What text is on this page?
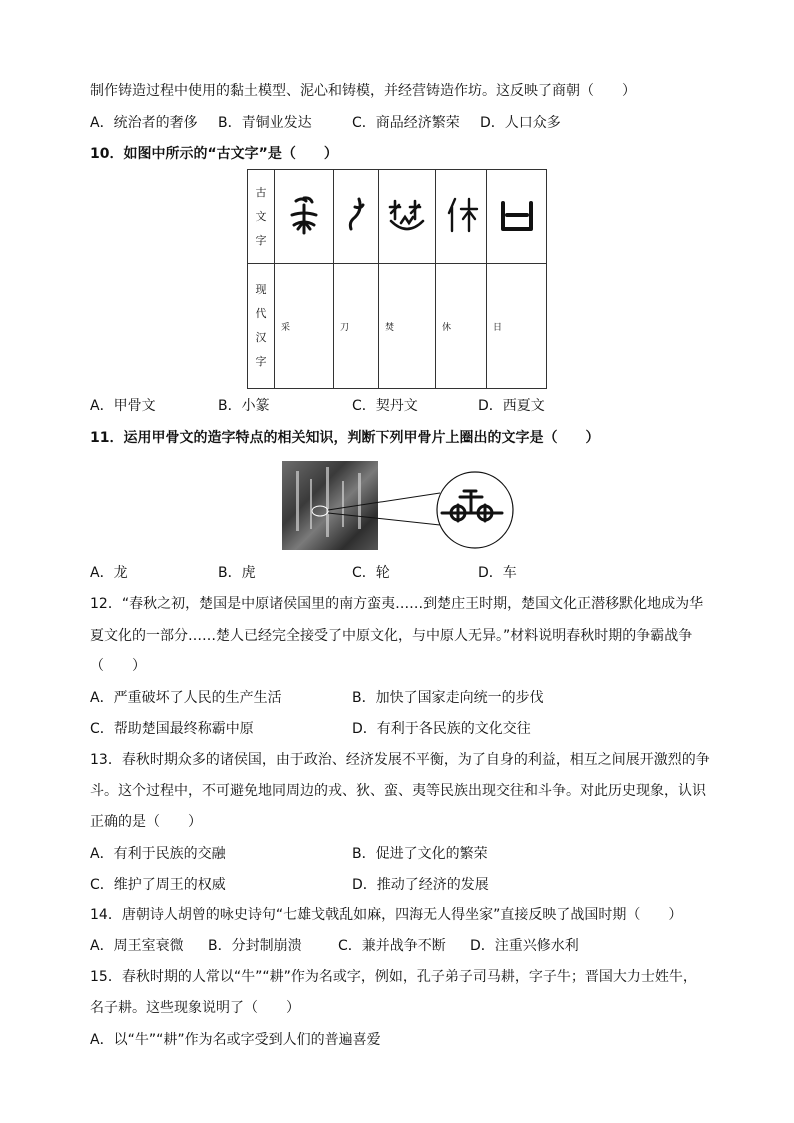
制作铸造过程中使用的黏土模型、泥心和铸模，并经营铸造作坊。这反映了商朝（　　）
A．统治者的奢侈 B．青铜业发达	C．商品经济繁荣 D．人口众多
10．如图中所示的“古文字”是（　　）
古
文
字

现
代
汉
字	采	刀	焚	休	日
A．甲骨文	B．小篆	C．契丹文	D．西夏文
11．运用甲骨文的造字特点的相关知识，判断下列甲骨片上圈出的文字是（　　）
A．龙	B．虎	C．轮	D．车
12．“春秋之初，楚国是中原诸侯国里的南方蛮夷……到楚庄王时期，楚国文化正潜移默化地成为华
夏文化的一部分……楚人已经完全接受了中原文化，与中原人无异。”材料说明春秋时期的争霸战争
（　　）
A．严重破坏了人民的生产生活	B．加快了国家走向统一的步伐
C．帮助楚国最终称霸中原	D．有利于各民族的文化交往
13．春秋时期众多的诸侯国，由于政治、经济发展不平衡，为了自身的利益，相互之间展开激烈的争
斗。这个过程中，不可避免地同周边的戎、狄、蛮、夷等民族出现交往和斗争。对此历史现象，认识
正确的是（　　）
A．有利于民族的交融	B．促进了文化的繁荣
C．维护了周王的权威	D．推动了经济的发展
14．唐朝诗人胡曾的咏史诗句“七雄戈戟乱如麻，四海无人得坐家”直接反映了战国时期（　　）
A．周王室衰微 B．分封制崩溃	C．兼并战争不断 D．注重兴修水利
15．春秋时期的人常以“牛”“耕”作为名或字，例如，孔子弟子司马耕，字子牛；晋国大力士姓牛，
名子耕。这些现象说明了（　　）
A．以“牛”“耕”作为名或字受到人们的普遍喜爱
